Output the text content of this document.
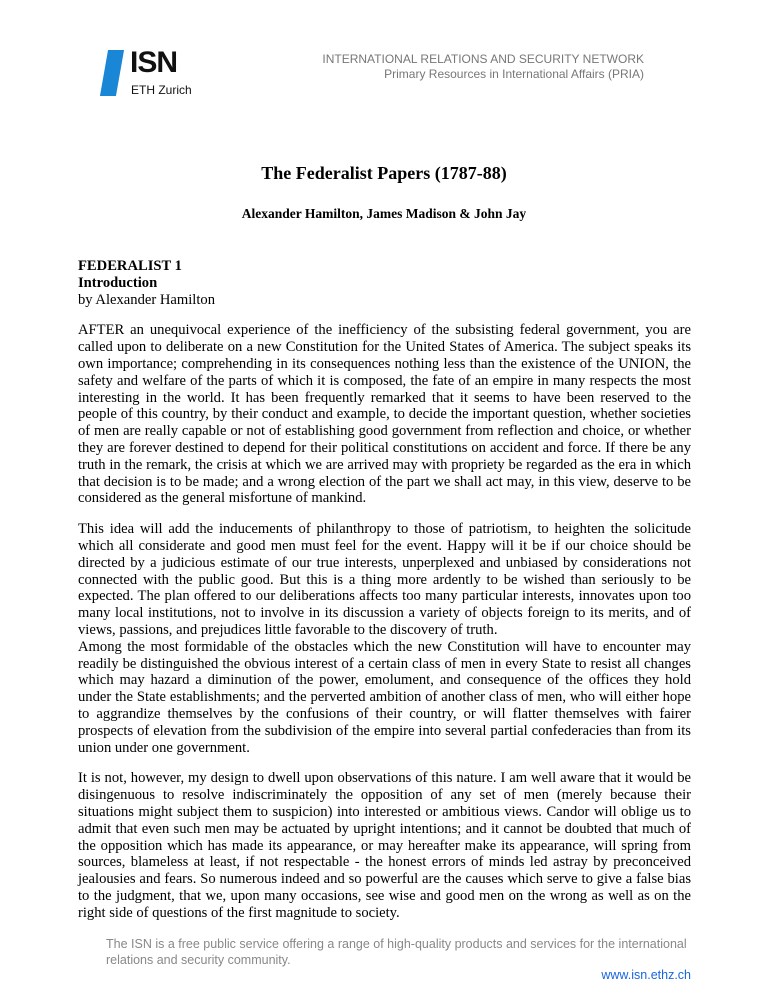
ISN
ETH Zurich
INTERNATIONAL RELATIONS AND SECURITY NETWORK
Primary Resources in International Affairs (PRIA)
The Federalist Papers (1787-88)
Alexander Hamilton, James Madison & John Jay

FEDERALIST 1

Introduction

by Alexander Hamilton

AFTER an unequivocal experience of the inefficiency of the subsisting federal government, you are called upon to deliberate on a new Constitution for the United States of America. The subject speaks its own importance; comprehending in its consequences nothing less than the existence of the UNION, the safety and welfare of the parts of which it is composed, the fate of an empire in many respects the most interesting in the world. It has been frequently remarked that it seems to have been reserved to the people of this country, by their conduct and example, to decide the important question, whether societies of men are really capable or not of establishing good government from reflection and choice, or whether they are forever destined to depend for their political constitutions on accident and force. If there be any truth in the remark, the crisis at which we are arrived may with propriety be regarded as the era in which that decision is to be made; and a wrong election of the part we shall act may, in this view, deserve to be considered as the general misfortune of mankind.

This idea will add the inducements of philanthropy to those of patriotism, to heighten the solicitude which all considerate and good men must feel for the event. Happy will it be if our choice should be directed by a judicious estimate of our true interests, unperplexed and unbiased by considerations not connected with the public good. But this is a thing more ardently to be wished than seriously to be expected. The plan offered to our deliberations affects too many particular interests, innovates upon too many local institutions, not to involve in its discussion a variety of objects foreign to its merits, and of views, passions, and prejudices little favorable to the discovery of truth.

Among the most formidable of the obstacles which the new Constitution will have to encounter may readily be distinguished the obvious interest of a certain class of men in every State to resist all changes which may hazard a diminution of the power, emolument, and consequence of the offices they hold under the State establishments; and the perverted ambition of another class of men, who will either hope to aggrandize themselves by the confusions of their country, or will flatter themselves with fairer prospects of elevation from the subdivision of the empire into several partial confederacies than from its union under one government.

It is not, however, my design to dwell upon observations of this nature. I am well aware that it would be disingenuous to resolve indiscriminately the opposition of any set of men (merely because their situations might subject them to suspicion) into interested or ambitious views. Candor will oblige us to admit that even such men may be actuated by upright intentions; and it cannot be doubted that much of the opposition which has made its appearance, or may hereafter make its appearance, will spring from sources, blameless at least, if not respectable - the honest errors of minds led astray by preconceived jealousies and fears. So numerous indeed and so powerful are the causes which serve to give a false bias to the judgment, that we, upon many occasions, see wise and good men on the wrong as well as on the right side of questions of the first magnitude to society.

The ISN is a free public service offering a range of high-quality products and services for the international relations and security community.
www.isn.ethz.ch
